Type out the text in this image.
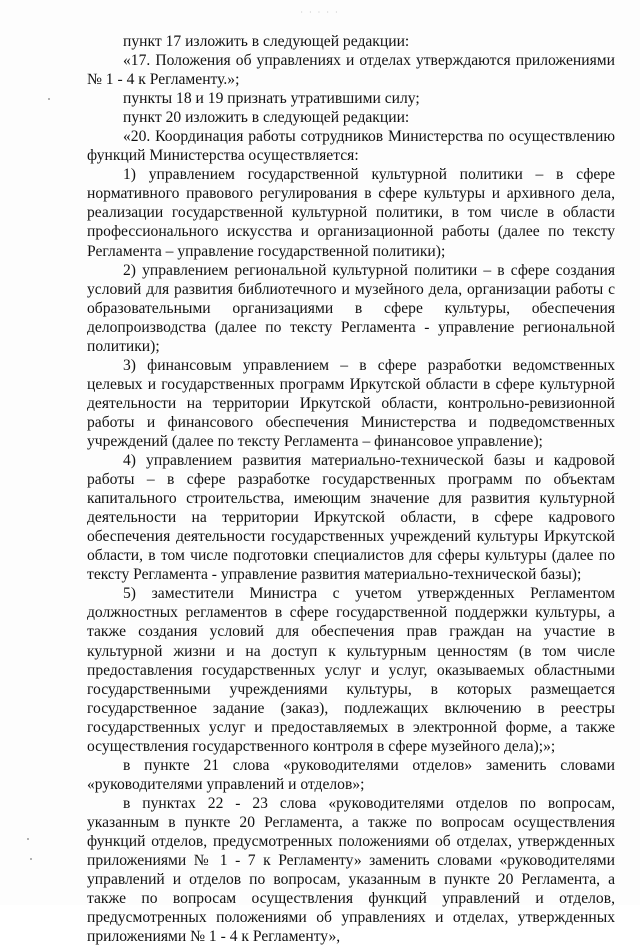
· · · · ·

пункт 17 изложить в следующей редакции:

«17. Положения об управлениях и отделах утверждаются приложениями № 1 - 4 к Регламенту.»;

пункты 18 и 19 признать утратившими силу;

пункт 20 изложить в следующей редакции:

«20. Координация работы сотрудников Министерства по осуществлению функций Министерства осуществляется:

1) управлением государственной культурной политики – в сфере нормативного правового регулирования в сфере культуры и архивного дела, реализации государственной культурной политики, в том числе в области профессионального искусства и организационной работы (далее по тексту Регламента – управление государственной политики);

2) управлением региональной культурной политики – в сфере создания условий для развития библиотечного и музейного дела, организации работы с образовательными организациями в сфере культуры, обеспечения делопроизводства (далее по тексту Регламента - управление региональной политики);

3) финансовым управлением – в сфере разработки ведомственных целевых и государственных программ Иркутской области в сфере культурной деятельности на территории Иркутской области, контрольно-ревизионной работы и финансового обеспечения Министерства и подведомственных учреждений (далее по тексту Регламента – финансовое управление);

4) управлением развития материально-технической базы и кадровой работы – в сфере разработке государственных программ по объектам капитального строительства, имеющим значение для развития культурной деятельности на территории Иркутской области, в сфере кадрового обеспечения деятельности государственных учреждений культуры Иркутской области, в том числе подготовки специалистов для сферы культуры (далее по тексту Регламента - управление развития материально-технической базы);

5) заместители Министра с учетом утвержденных Регламентом должностных регламентов в сфере государственной поддержки культуры, а также создания условий для обеспечения прав граждан на участие в культурной жизни и на доступ к культурным ценностям (в том числе предоставления государственных услуг и услуг, оказываемых областными государственными учреждениями культуры, в которых размещается государственное задание (заказ), подлежащих включению в реестры государственных услуг и предоставляемых в электронной форме, а также осуществления государственного контроля в сфере музейного дела);»;

в пункте 21 слова «руководителями отделов» заменить словами «руководителями управлений и отделов»;

в пунктах 22 - 23 слова «руководителями отделов по вопросам, указанным в пункте 20 Регламента, а также по вопросам осуществления функций отделов, предусмотренных положениями об отделах, утвержденных приложениями № 1 - 7 к Регламенту» заменить словами «руководителями управлений и отделов по вопросам, указанным в пункте 20 Регламента, а также по вопросам осуществления функций управлений и отделов, предусмотренных положениями об управлениях и отделах, утвержденных приложениями № 1 - 4 к Регламенту»,
